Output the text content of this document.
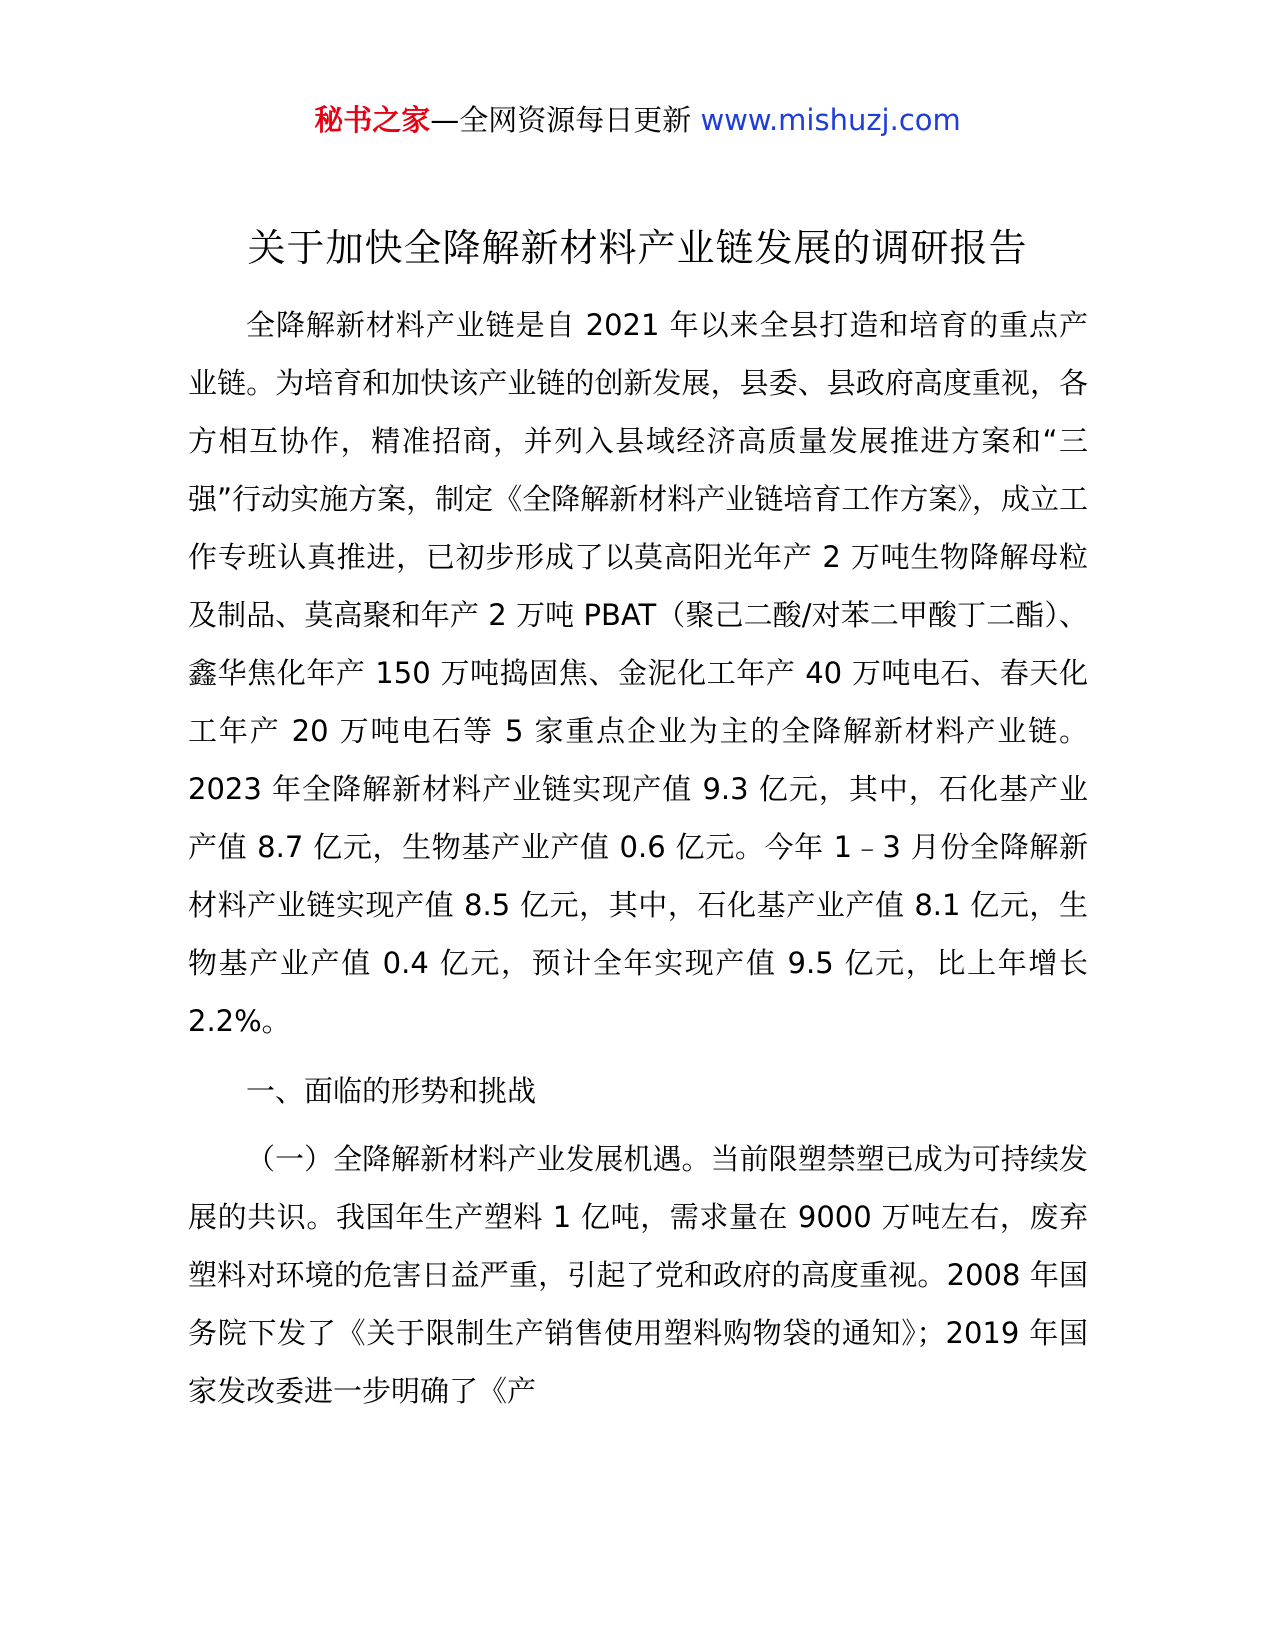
秘书之家—全网资源每日更新 www.mishuzj.com
关于加快全降解新材料产业链发展的调研报告

全降解新材料产业链是自 2021 年以来全县打造和培育的重点产业链。为培育和加快该产业链的创新发展，县委、县政府高度重视，各方相互协作，精准招商，并列入县域经济高质量发展推进方案和“三强”行动实施方案，制定《全降解新材料产业链培育工作方案》，成立工作专班认真推进，已初步形成了以莫高阳光年产 2 万吨生物降解母粒及制品、莫高聚和年产 2 万吨 PBAT（聚己二酸/对苯二甲酸丁二酯）、鑫华焦化年产 150 万吨捣固焦、金泥化工年产 40 万吨电石、春天化工年产 20 万吨电石等 5 家重点企业为主的全降解新材料产业链。2023 年全降解新材料产业链实现产值 9.3 亿元，其中，石化基产业产值 8.7 亿元，生物基产业产值 0.6 亿元。今年 1﹣3 月份全降解新材料产业链实现产值 8.5 亿元，其中，石化基产业产值 8.1 亿元，生物基产业产值 0.4 亿元，预计全年实现产值 9.5 亿元，比上年增长 2.2%。

一、面临的形势和挑战

（一）全降解新材料产业发展机遇。当前限塑禁塑已成为可持续发展的共识。我国年生产塑料 1 亿吨，需求量在 9000 万吨左右，废弃塑料对环境的危害日益严重，引起了党和政府的高度重视。2008 年国务院下发了《关于限制生产销售使用塑料购物袋的通知》；2019 年国家发改委进一步明确了《产
